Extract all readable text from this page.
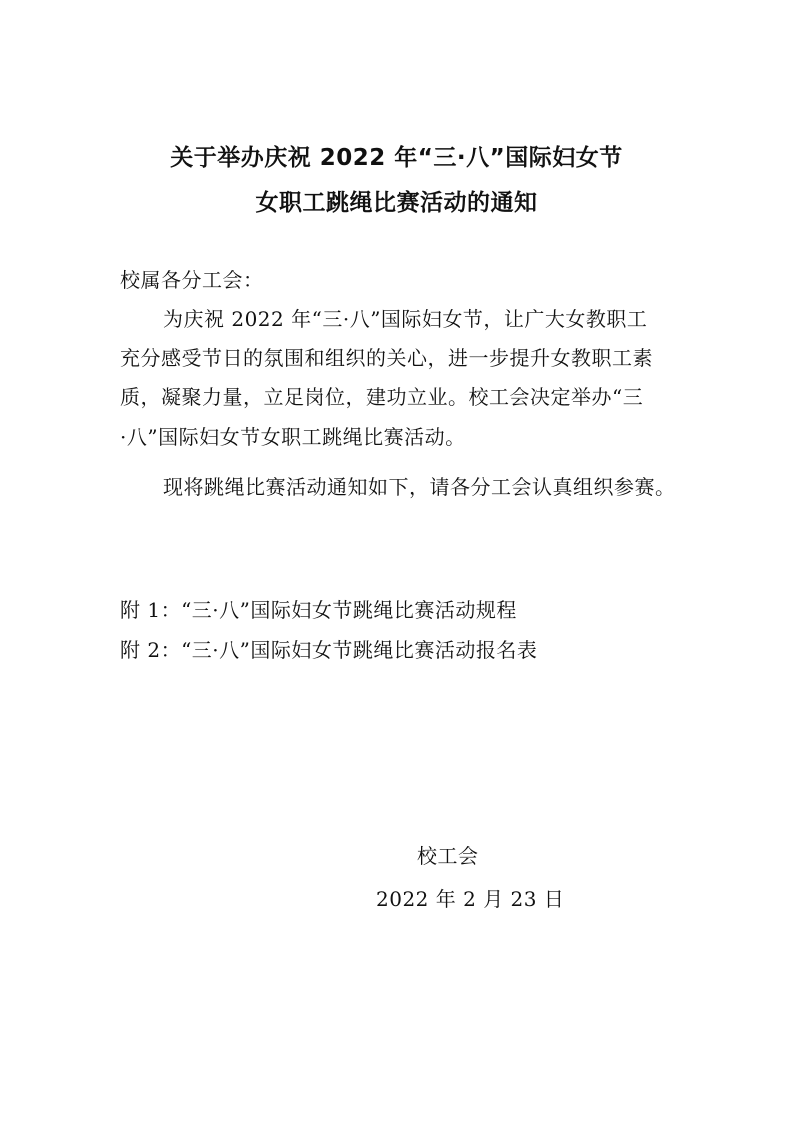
关于举办庆祝 2022 年“三·八”国际妇女节
女职工跳绳比赛活动的通知
校属各分工会：
为庆祝 2022 年“三·八”国际妇女节，让广大女教职工
充分感受节日的氛围和组织的关心，进一步提升女教职工素
质，凝聚力量，立足岗位，建功立业。校工会决定举办“三
·八”国际妇女节女职工跳绳比赛活动。
现将跳绳比赛活动通知如下，请各分工会认真组织参赛。
附 1：“三·八”国际妇女节跳绳比赛活动规程
附 2：“三·八”国际妇女节跳绳比赛活动报名表
校工会
2022 年 2 月 23 日
